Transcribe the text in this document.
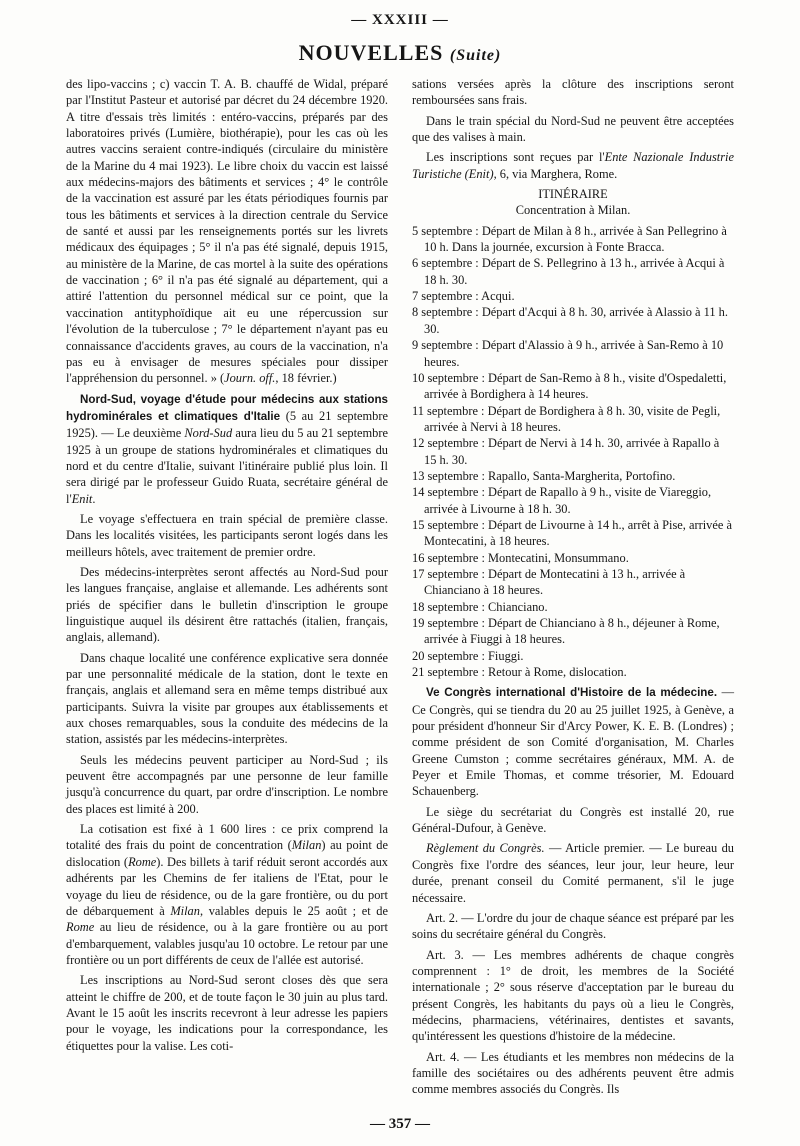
— XXXIII —
NOUVELLES (Suite)

des lipo-vaccins ; c) vaccin T. A. B. chauffé de Widal, préparé par l'Institut Pasteur et autorisé par décret du 24 décembre 1920. A titre d'essais très limités : entéro-vaccins, préparés par des laboratoires privés (Lumière, biothérapie), pour les cas où les autres vaccins seraient contre-indiqués (circulaire du ministère de la Marine du 4 mai 1923). Le libre choix du vaccin est laissé aux médecins-majors des bâtiments et services ; 4° le contrôle de la vaccination est assuré par les états périodiques fournis par tous les bâtiments et services à la direction centrale du Service de santé et aussi par les renseignements portés sur les livrets médicaux des équipages ; 5° il n'a pas été signalé, depuis 1915, au ministère de la Marine, de cas mortel à la suite des opérations de vaccination ; 6° il n'a pas été signalé au département, qui a attiré l'attention du personnel médical sur ce point, que la vaccination antityphoïdique ait eu une répercussion sur l'évolution de la tuberculose ; 7° le département n'ayant pas eu connaissance d'accidents graves, au cours de la vaccination, n'a pas eu à envisager de mesures spéciales pour dissiper l'appréhension du personnel. » (Journ. off., 18 février.)

Nord-Sud, voyage d'étude pour médecins aux stations hydrominérales et climatiques d'Italie (5 au 21 septembre 1925). — Le deuxième Nord-Sud aura lieu du 5 au 21 septembre 1925 à un groupe de stations hydrominérales et climatiques du nord et du centre d'Italie, suivant l'itinéraire publié plus loin. Il sera dirigé par le professeur Guido Ruata, secrétaire général de l'Enit.

Le voyage s'effectuera en train spécial de première classe. Dans les localités visitées, les participants seront logés dans les meilleurs hôtels, avec traitement de premier ordre.

Des médecins-interprètes seront affectés au Nord-Sud pour les langues française, anglaise et allemande. Les adhérents sont priés de spécifier dans le bulletin d'inscription le groupe linguistique auquel ils désirent être rattachés (italien, français, anglais, allemand).

Dans chaque localité une conférence explicative sera donnée par une personnalité médicale de la station, dont le texte en français, anglais et allemand sera en même temps distribué aux participants. Suivra la visite par groupes aux établissements et aux choses remarquables, sous la conduite des médecins de la station, assistés par les médecins-interprètes.

Seuls les médecins peuvent participer au Nord-Sud ; ils peuvent être accompagnés par une personne de leur famille jusqu'à concurrence du quart, par ordre d'inscription. Le nombre des places est limité à 200.

La cotisation est fixé à 1 600 lires : ce prix comprend la totalité des frais du point de concentration (Milan) au point de dislocation (Rome). Des billets à tarif réduit seront accordés aux adhérents par les Chemins de fer italiens de l'Etat, pour le voyage du lieu de résidence, ou de la gare frontière, ou du port de débarquement à Milan, valables depuis le 25 août ; et de Rome au lieu de résidence, ou à la gare frontière ou au port d'embarquement, valables jusqu'au 10 octobre. Le retour par une frontière ou un port différents de ceux de l'allée est autorisé.

Les inscriptions au Nord-Sud seront closes dès que sera atteint le chiffre de 200, et de toute façon le 30 juin au plus tard. Avant le 15 août les inscrits recevront à leur adresse les papiers pour le voyage, les indications pour la correspondance, les étiquettes pour la valise. Les coti-

sations versées après la clôture des inscriptions seront remboursées sans frais.

Dans le train spécial du Nord-Sud ne peuvent être acceptées que des valises à main.

Les inscriptions sont reçues par l'Ente Nazionale Industrie Turistiche (Enit), 6, via Marghera, Rome.

ITINÉRAIRE

Concentration à Milan.

5 septembre : Départ de Milan à 8 h., arrivée à San Pellegrino à 10 h. Dans la journée, excursion à Fonte Bracca.

6 septembre : Départ de S. Pellegrino à 13 h., arrivée à Acqui à 18 h. 30.

7 septembre : Acqui.

8 septembre : Départ d'Acqui à 8 h. 30, arrivée à Alassio à 11 h. 30.

9 septembre : Départ d'Alassio à 9 h., arrivée à San-Remo à 10 heures.

10 septembre : Départ de San-Remo à 8 h., visite d'Ospedaletti, arrivée à Bordighera à 14 heures.

11 septembre : Départ de Bordighera à 8 h. 30, visite de Pegli, arrivée à Nervi à 18 heures.

12 septembre : Départ de Nervi à 14 h. 30, arrivée à Rapallo à 15 h. 30.

13 septembre : Rapallo, Santa-Margherita, Portofino.

14 septembre : Départ de Rapallo à 9 h., visite de Viareggio, arrivée à Livourne à 18 h. 30.

15 septembre : Départ de Livourne à 14 h., arrêt à Pise, arrivée à Montecatini, à 18 heures.

16 septembre : Montecatini, Monsummano.

17 septembre : Départ de Montecatini à 13 h., arrivée à Chianciano à 18 heures.

18 septembre : Chianciano.

19 septembre : Départ de Chianciano à 8 h., déjeuner à Rome, arrivée à Fiuggi à 18 heures.

20 septembre : Fiuggi.

21 septembre : Retour à Rome, dislocation.

Ve Congrès international d'Histoire de la médecine. — Ce Congrès, qui se tiendra du 20 au 25 juillet 1925, à Genève, a pour président d'honneur Sir d'Arcy Power, K. E. B. (Londres) ; comme président de son Comité d'organisation, M. Charles Greene Cumston ; comme secrétaires généraux, MM. A. de Peyer et Emile Thomas, et comme trésorier, M. Edouard Schauenberg.

Le siège du secrétariat du Congrès est installé 20, rue Général-Dufour, à Genève.

Règlement du Congrès. — Article premier. — Le bureau du Congrès fixe l'ordre des séances, leur jour, leur heure, leur durée, prenant conseil du Comité permanent, s'il le juge nécessaire.

Art. 2. — L'ordre du jour de chaque séance est préparé par les soins du secrétaire général du Congrès.

Art. 3. — Les membres adhérents de chaque congrès comprennent : 1° de droit, les membres de la Société internationale ; 2° sous réserve d'acceptation par le bureau du présent Congrès, les habitants du pays où a lieu le Congrès, médecins, pharmaciens, vétérinaires, dentistes et savants, qu'intéressent les questions d'histoire de la médecine.

Art. 4. — Les étudiants et les membres non médecins de la famille des sociétaires ou des adhérents peuvent être admis comme membres associés du Congrès. Ils

— 357 —
